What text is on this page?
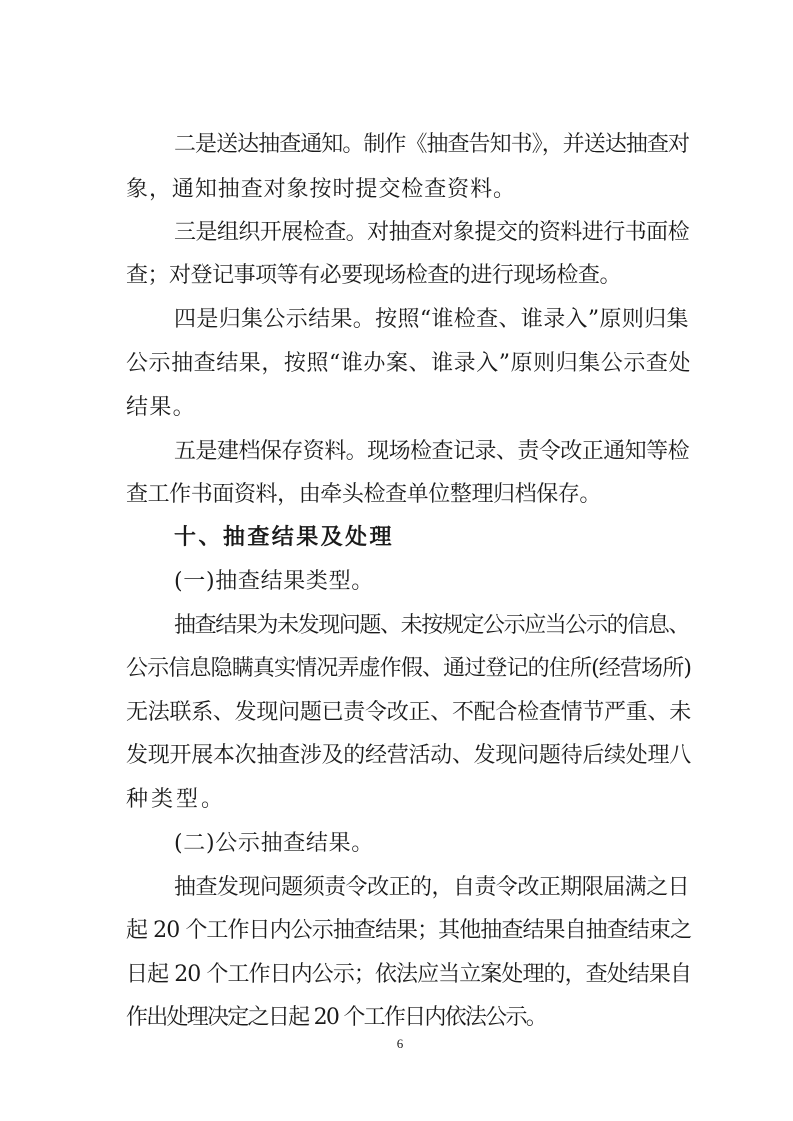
二是送达抽查通知。制作《抽查告知书》，并送达抽查对
象，通知抽查对象按时提交检查资料。
三是组织开展检查。对抽查对象提交的资料进行书面检
查；对登记事项等有必要现场检查的进行现场检查。
四是归集公示结果。按照“谁检查、谁录入”原则归集
公示抽查结果，按照“谁办案、谁录入”原则归集公示查处
结果。
五是建档保存资料。现场检查记录、责令改正通知等检
查工作书面资料，由牵头检查单位整理归档保存。
十、抽查结果及处理
(一)抽查结果类型。
抽查结果为未发现问题、未按规定公示应当公示的信息、
公示信息隐瞒真实情况弄虚作假、通过登记的住所(经营场所)
无法联系、发现问题已责令改正、不配合检查情节严重、未
发现开展本次抽查涉及的经营活动、发现问题待后续处理八
种类型。
(二)公示抽查结果。
抽查发现问题须责令改正的，自责令改正期限届满之日
起 20 个工作日内公示抽查结果；其他抽查结果自抽查结束之
日起 20 个工作日内公示；依法应当立案处理的，查处结果自
作出处理决定之日起 20 个工作日内依法公示。
6
